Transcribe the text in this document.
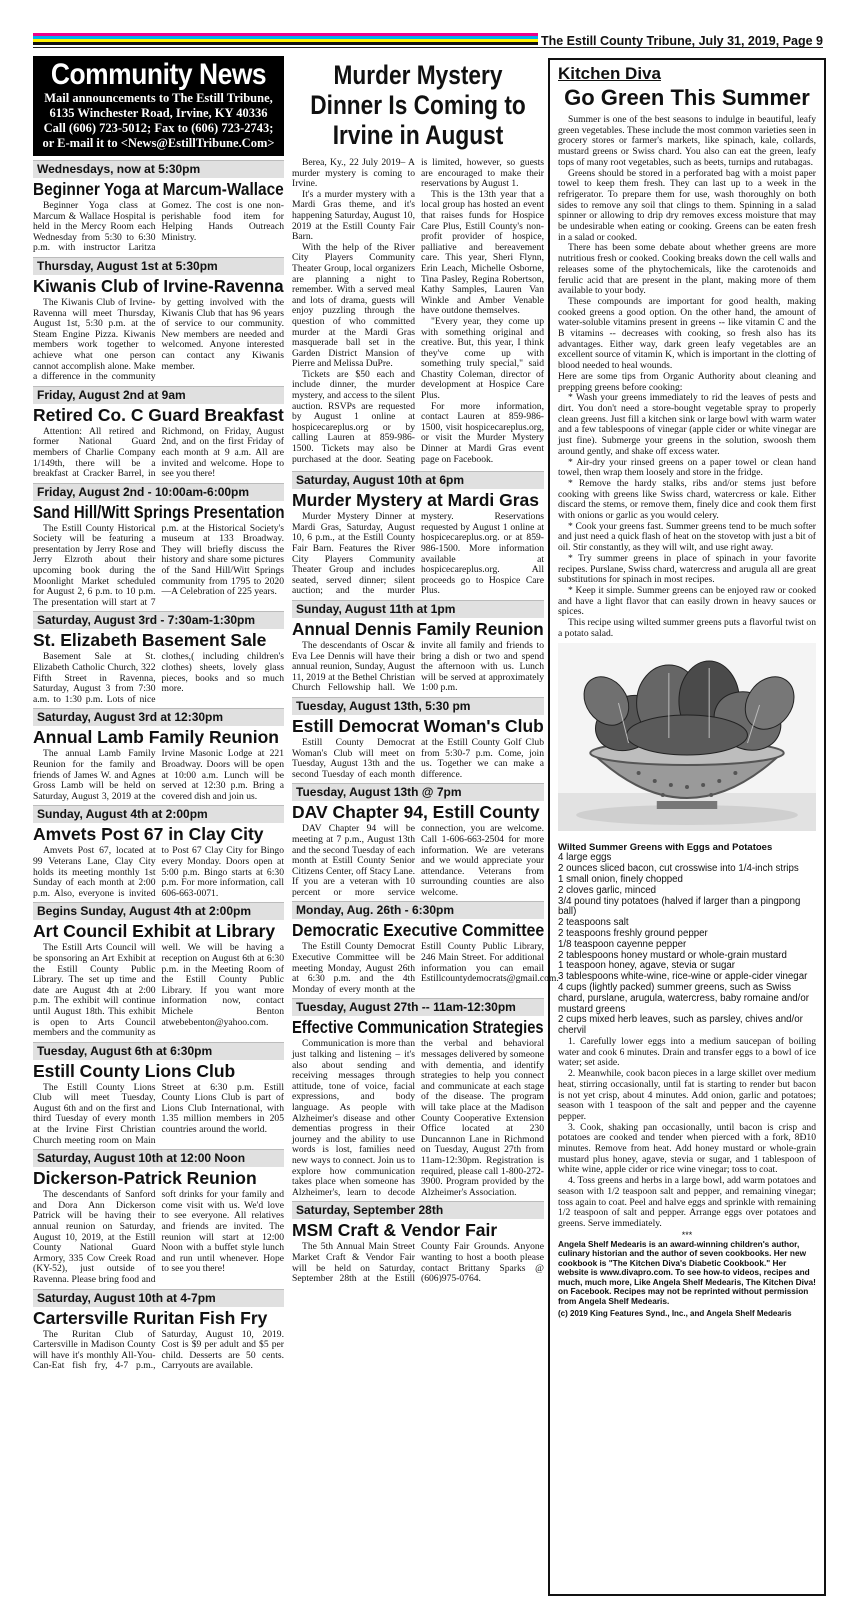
The Estill County Tribune, July 31, 2019, Page 9
Community News
Mail announcements to The Estill Tribune,
6135 Winchester Road, Irvine, KY 40336
Call (606) 723-5012; Fax to (606) 723-2743;
or E-mail it to <News@EstillTribune.Com>
Wednesdays, now at 5:30pm
Beginner Yoga at Marcum-Wallace

Beginner Yoga class at Marcum & Wallace Hospital is held in the Mercy Room each Wednesday from 5:30 to 6:30 p.m. with instructor Laritza Gomez. The cost is one non-perishable food item for Helping Hands Outreach Ministry.

Thursday, August 1st at 5:30pm
Kiwanis Club of Irvine-Ravenna

The Kiwanis Club of Irvine-Ravenna will meet Thursday, August 1st, 5:30 p.m. at the Steam Engine Pizza. Kiwanis members work together to achieve what one person cannot accomplish alone. Make a difference in the community by getting involved with the Kiwanis Club that has 96 years of service to our community. New members are needed and welcomed. Anyone interested can contact any Kiwanis member.

Friday, August 2nd at 9am
Retired Co. C Guard Breakfast

Attention: All retired and former National Guard members of Charlie Company 1/149th, there will be a breakfast at Cracker Barrel, in Richmond, on Friday, August 2nd, and on the first Friday of each month at 9 a.m. All are invited and welcome. Hope to see you there!

Friday, August 2nd - 10:00am-6:00pm
Sand Hill/Witt Springs Presentation

The Estill County Historical Society will be featuring a presentation by Jerry Rose and Jerry Elzroth about their upcoming book during the Moonlight Market scheduled for August 2, 6 p.m. to 10 p.m. The presentation will start at 7 p.m. at the Historical Society's museum at 133 Broadway. They will briefly discuss the history and share some pictures of the Sand Hill/Witt Springs community from 1795 to 2020—A Celebration of 225 years.

Saturday, August 3rd - 7:30am-1:30pm
St. Elizabeth Basement Sale

Basement Sale at St. Elizabeth Catholic Church, 322 Fifth Street in Ravenna, Saturday, August 3 from 7:30 a.m. to 1:30 p.m. Lots of nice clothes,( including children's clothes) sheets, lovely glass pieces, books and so much more.

Saturday, August 3rd at 12:30pm
Annual Lamb Family Reunion

The annual Lamb Family Reunion for the family and friends of James W. and Agnes Gross Lamb will be held on Saturday, August 3, 2019 at the Irvine Masonic Lodge at 221 Broadway. Doors will be open at 10:00 a.m. Lunch will be served at 12:30 p.m. Bring a covered dish and join us.

Sunday, August 4th at 2:00pm
Amvets Post 67 in Clay City

Amvets Post 67, located at 99 Veterans Lane, Clay City holds its meeting monthly 1st Sunday of each month at 2:00 p.m. Also, everyone is invited to Post 67 Clay City for Bingo every Monday. Doors open at 5:00 p.m. Bingo starts at 6:30 p.m. For more information, call 606-663-0071.

Begins Sunday, August 4th at 2:00pm
Art Council Exhibit at Library

The Estill Arts Council will be sponsoring an Art Exhibit at the Estill County Public Library. The set up time and date are August 4th at 2:00 p.m. The exhibit will continue until August 18th. This exhibit is open to Arts Council members and the community as well. We will be having a reception on August 6th at 6:30 p.m. in the Meeting Room of the Estill County Public Library. If you want more information now, contact Michele Benton atwebebenton@yahoo.com.

Tuesday, August 6th at 6:30pm
Estill County Lions Club

The Estill County Lions Club will meet Tuesday, August 6th and on the first and third Tuesday of every month at the Irvine First Christian Church meeting room on Main Street at 6:30 p.m. Estill County Lions Club is part of Lions Club International, with 1.35 million members in 205 countries around the world.

Saturday, August 10th at 12:00 Noon
Dickerson-Patrick Reunion

The descendants of Sanford and Dora Ann Dickerson Patrick will be having their annual reunion on Saturday, August 10, 2019, at the Estill County National Guard Armory, 335 Cow Creek Road (KY-52), just outside of Ravenna. Please bring food and soft drinks for your family and come visit with us. We'd love to see everyone. All relatives and friends are invited. The reunion will start at 12:00 Noon with a buffet style lunch and run until whenever. Hope to see you there!

Saturday, August 10th at 4-7pm
Cartersville Ruritan Fish Fry

The Ruritan Club of Cartersville in Madison County will have it's monthly All-You-Can-Eat fish fry, 4-7 p.m., Saturday, August 10, 2019. Cost is $9 per adult and $5 per child. Desserts are 50 cents. Carryouts are available.

Murder Mystery Dinner Is Coming to Irvine in August

Berea, Ky., 22 July 2019– A murder mystery is coming to Irvine.

It's a murder mystery with a Mardi Gras theme, and it's happening Saturday, August 10, 2019 at the Estill County Fair Barn.

With the help of the River City Players Community Theater Group, local organizers are planning a night to remember. With a served meal and lots of drama, guests will enjoy puzzling through the question of who committed murder at the Mardi Gras masquerade ball set in the Garden District Mansion of Pierre and Melissa DuPre.

Tickets are $50 each and include dinner, the murder mystery, and access to the silent auction. RSVPs are requested by August 1 online at hospicecareplus.org or by calling Lauren at 859-986-1500. Tickets may also be purchased at the door. Seating is limited, however, so guests are encouraged to make their reservations by August 1.

This is the 13th year that a local group has hosted an event that raises funds for Hospice Care Plus, Estill County's non-profit provider of hospice, palliative and bereavement care. This year, Sheri Flynn, Erin Leach, Michelle Osborne, Tina Pasley, Regina Robertson, Kathy Samples, Lauren Van Winkle and Amber Venable have outdone themselves.

"Every year, they come up with something original and creative. But, this year, I think they've come up with something truly special," said Chastity Coleman, director of development at Hospice Care Plus.

For more information, contact Lauren at 859-986-1500, visit hospicecareplus.org, or visit the Murder Mystery Dinner at Mardi Gras event page on Facebook.

Saturday, August 10th at 6pm
Murder Mystery at Mardi Gras

Murder Mystery Dinner at Mardi Gras, Saturday, August 10, 6 p.m., at the Estill County Fair Barn. Features the River City Players Community Theater Group and includes seated, served dinner; silent auction; and the murder mystery. Reservations requested by August 1 online at hospicecareplus.org. or at 859-986-1500. More information available at hospicecareplus.org. All proceeds go to Hospice Care Plus.

Sunday, August 11th at 1pm
Annual Dennis Family Reunion

The descendants of Oscar & Eva Lee Dennis will have their annual reunion, Sunday, August 11, 2019 at the Bethel Christian Church Fellowship hall. We invite all family and friends to bring a dish or two and spend the afternoon with us. Lunch will be served at approximately 1:00 p.m.

Tuesday, August 13th, 5:30 pm
Estill Democrat Woman's Club

Estill County Democrat Woman's Club will meet on Tuesday, August 13th and the second Tuesday of each month at the Estill County Golf Club from 5:30-7 p.m. Come, join us. Together we can make a difference.

Tuesday, August 13th @ 7pm
DAV Chapter 94, Estill County

DAV Chapter 94 will be meeting at 7 p.m., August 13th and the second Tuesday of each month at Estill County Senior Citizens Center, off Stacy Lane. If you are a veteran with 10 percent or more service connection, you are welcome. Call 1-606-663-2504 for more information. We are veterans and we would appreciate your attendance. Veterans from surrounding counties are also welcome.

Monday, Aug. 26th - 6:30pm
Democratic Executive Committee

The Estill County Democrat Executive Committee will be meeting Monday, August 26th at 6:30 p.m. and the 4th Monday of every month at the Estill County Public Library, 246 Main Street. For additional information you can email Estillcountydemocrats@gmail.com.

Tuesday, August 27th -- 11am-12:30pm
Effective Communication Strategies

Communication is more than just talking and listening – it's also about sending and receiving messages through attitude, tone of voice, facial expressions, and body language. As people with Alzheimer's disease and other dementias progress in their journey and the ability to use words is lost, families need new ways to connect. Join us to explore how communication takes place when someone has Alzheimer's, learn to decode the verbal and behavioral messages delivered by someone with dementia, and identify strategies to help you connect and communicate at each stage of the disease. The program will take place at the Madison County Cooperative Extension Office located at 230 Duncannon Lane in Richmond on Tuesday, August 27th from 11am-12:30pm. Registration is required, please call 1-800-272-3900. Program provided by the Alzheimer's Association.

Saturday, September 28th
MSM Craft & Vendor Fair

The 5th Annual Main Street Market Craft & Vendor Fair will be held on Saturday, September 28th at the Estill County Fair Grounds. Anyone wanting to host a booth please contact Brittany Sparks @ (606)975-0764.

Kitchen Diva
Go Green This Summer

Summer is one of the best seasons to indulge in beautiful, leafy green vegetables. These include the most common varieties seen in grocery stores or farmer's markets, like spinach, kale, collards, mustard greens or Swiss chard. You also can eat the green, leafy tops of many root vegetables, such as beets, turnips and rutabagas.

Greens should be stored in a perforated bag with a moist paper towel to keep them fresh. They can last up to a week in the refrigerator. To prepare them for use, wash thoroughly on both sides to remove any soil that clings to them. Spinning in a salad spinner or allowing to drip dry removes excess moisture that may be undesirable when eating or cooking. Greens can be eaten fresh in a salad or cooked.

There has been some debate about whether greens are more nutritious fresh or cooked. Cooking breaks down the cell walls and releases some of the phytochemicals, like the carotenoids and ferulic acid that are present in the plant, making more of them available to your body.

These compounds are important for good health, making cooked greens a good option. On the other hand, the amount of water-soluble vitamins present in greens -- like vitamin C and the B vitamins -- decreases with cooking, so fresh also has its advantages. Either way, dark green leafy vegetables are an excellent source of vitamin K, which is important in the clotting of blood needed to heal wounds.

Here are some tips from Organic Authority about cleaning and prepping greens before cooking:

* Wash your greens immediately to rid the leaves of pests and dirt. You don't need a store-bought vegetable spray to properly clean greens. Just fill a kitchen sink or large bowl with warm water and a few tablespoons of vinegar (apple cider or white vinegar are just fine). Submerge your greens in the solution, swoosh them around gently, and shake off excess water.

* Air-dry your rinsed greens on a paper towel or clean hand towel, then wrap them loosely and store in the fridge.

* Remove the hardy stalks, ribs and/or stems just before cooking with greens like Swiss chard, watercress or kale. Either discard the stems, or remove them, finely dice and cook them first with onions or garlic as you would celery.

* Cook your greens fast. Summer greens tend to be much softer and just need a quick flash of heat on the stovetop with just a bit of oil. Stir constantly, as they will wilt, and use right away.

* Try summer greens in place of spinach in your favorite recipes. Purslane, Swiss chard, watercress and arugula all are great substitutions for spinach in most recipes.

* Keep it simple. Summer greens can be enjoyed raw or cooked and have a light flavor that can easily drown in heavy sauces or spices.

This recipe using wilted summer greens puts a flavorful twist on a potato salad.

Wilted Summer Greens with Eggs and Potatoes
4 large eggs
2 ounces sliced bacon, cut crosswise into 1/4-inch strips
1 small onion, finely chopped
2 cloves garlic, minced
3/4 pound tiny potatoes (halved if larger than a pingpong ball)
2 teaspoons salt
2 teaspoons freshly ground pepper
1/8 teaspoon cayenne pepper
2 tablespoons honey mustard or whole-grain mustard
1 teaspoon honey, agave, stevia or sugar
3 tablespoons white-wine, rice-wine or apple-cider vinegar
4 cups (lightly packed) summer greens, such as Swiss chard, purslane, arugula, watercress, baby romaine and/or mustard greens
2 cups mixed herb leaves, such as parsley, chives and/or chervil

1. Carefully lower eggs into a medium saucepan of boiling water and cook 6 minutes. Drain and transfer eggs to a bowl of ice water; set aside.

2. Meanwhile, cook bacon pieces in a large skillet over medium heat, stirring occasionally, until fat is starting to render but bacon is not yet crisp, about 4 minutes. Add onion, garlic and potatoes; season with 1 teaspoon of the salt and pepper and the cayenne pepper.

3. Cook, shaking pan occasionally, until bacon is crisp and potatoes are cooked and tender when pierced with a fork, 8Ð10 minutes. Remove from heat. Add honey mustard or whole-grain mustard plus honey, agave, stevia or sugar, and 1 tablespoon of white wine, apple cider or rice wine vinegar; toss to coat.

4. Toss greens and herbs in a large bowl, add warm potatoes and season with 1/2 teaspoon salt and pepper, and remaining vinegar; toss again to coat. Peel and halve eggs and sprinkle with remaining 1/2 teaspoon of salt and pepper. Arrange eggs over potatoes and greens. Serve immediately.

***
Angela Shelf Medearis is an award-winning children's author, culinary historian and the author of seven cookbooks. Her new cookbook is "The Kitchen Diva's Diabetic Cookbook." Her website is www.divapro.com. To see how-to videos, recipes and much, much more, Like Angela Shelf Medearis, The Kitchen Diva! on Facebook. Recipes may not be reprinted without permission from Angela Shelf Medearis.
(c) 2019 King Features Synd., Inc., and Angela Shelf Medearis
